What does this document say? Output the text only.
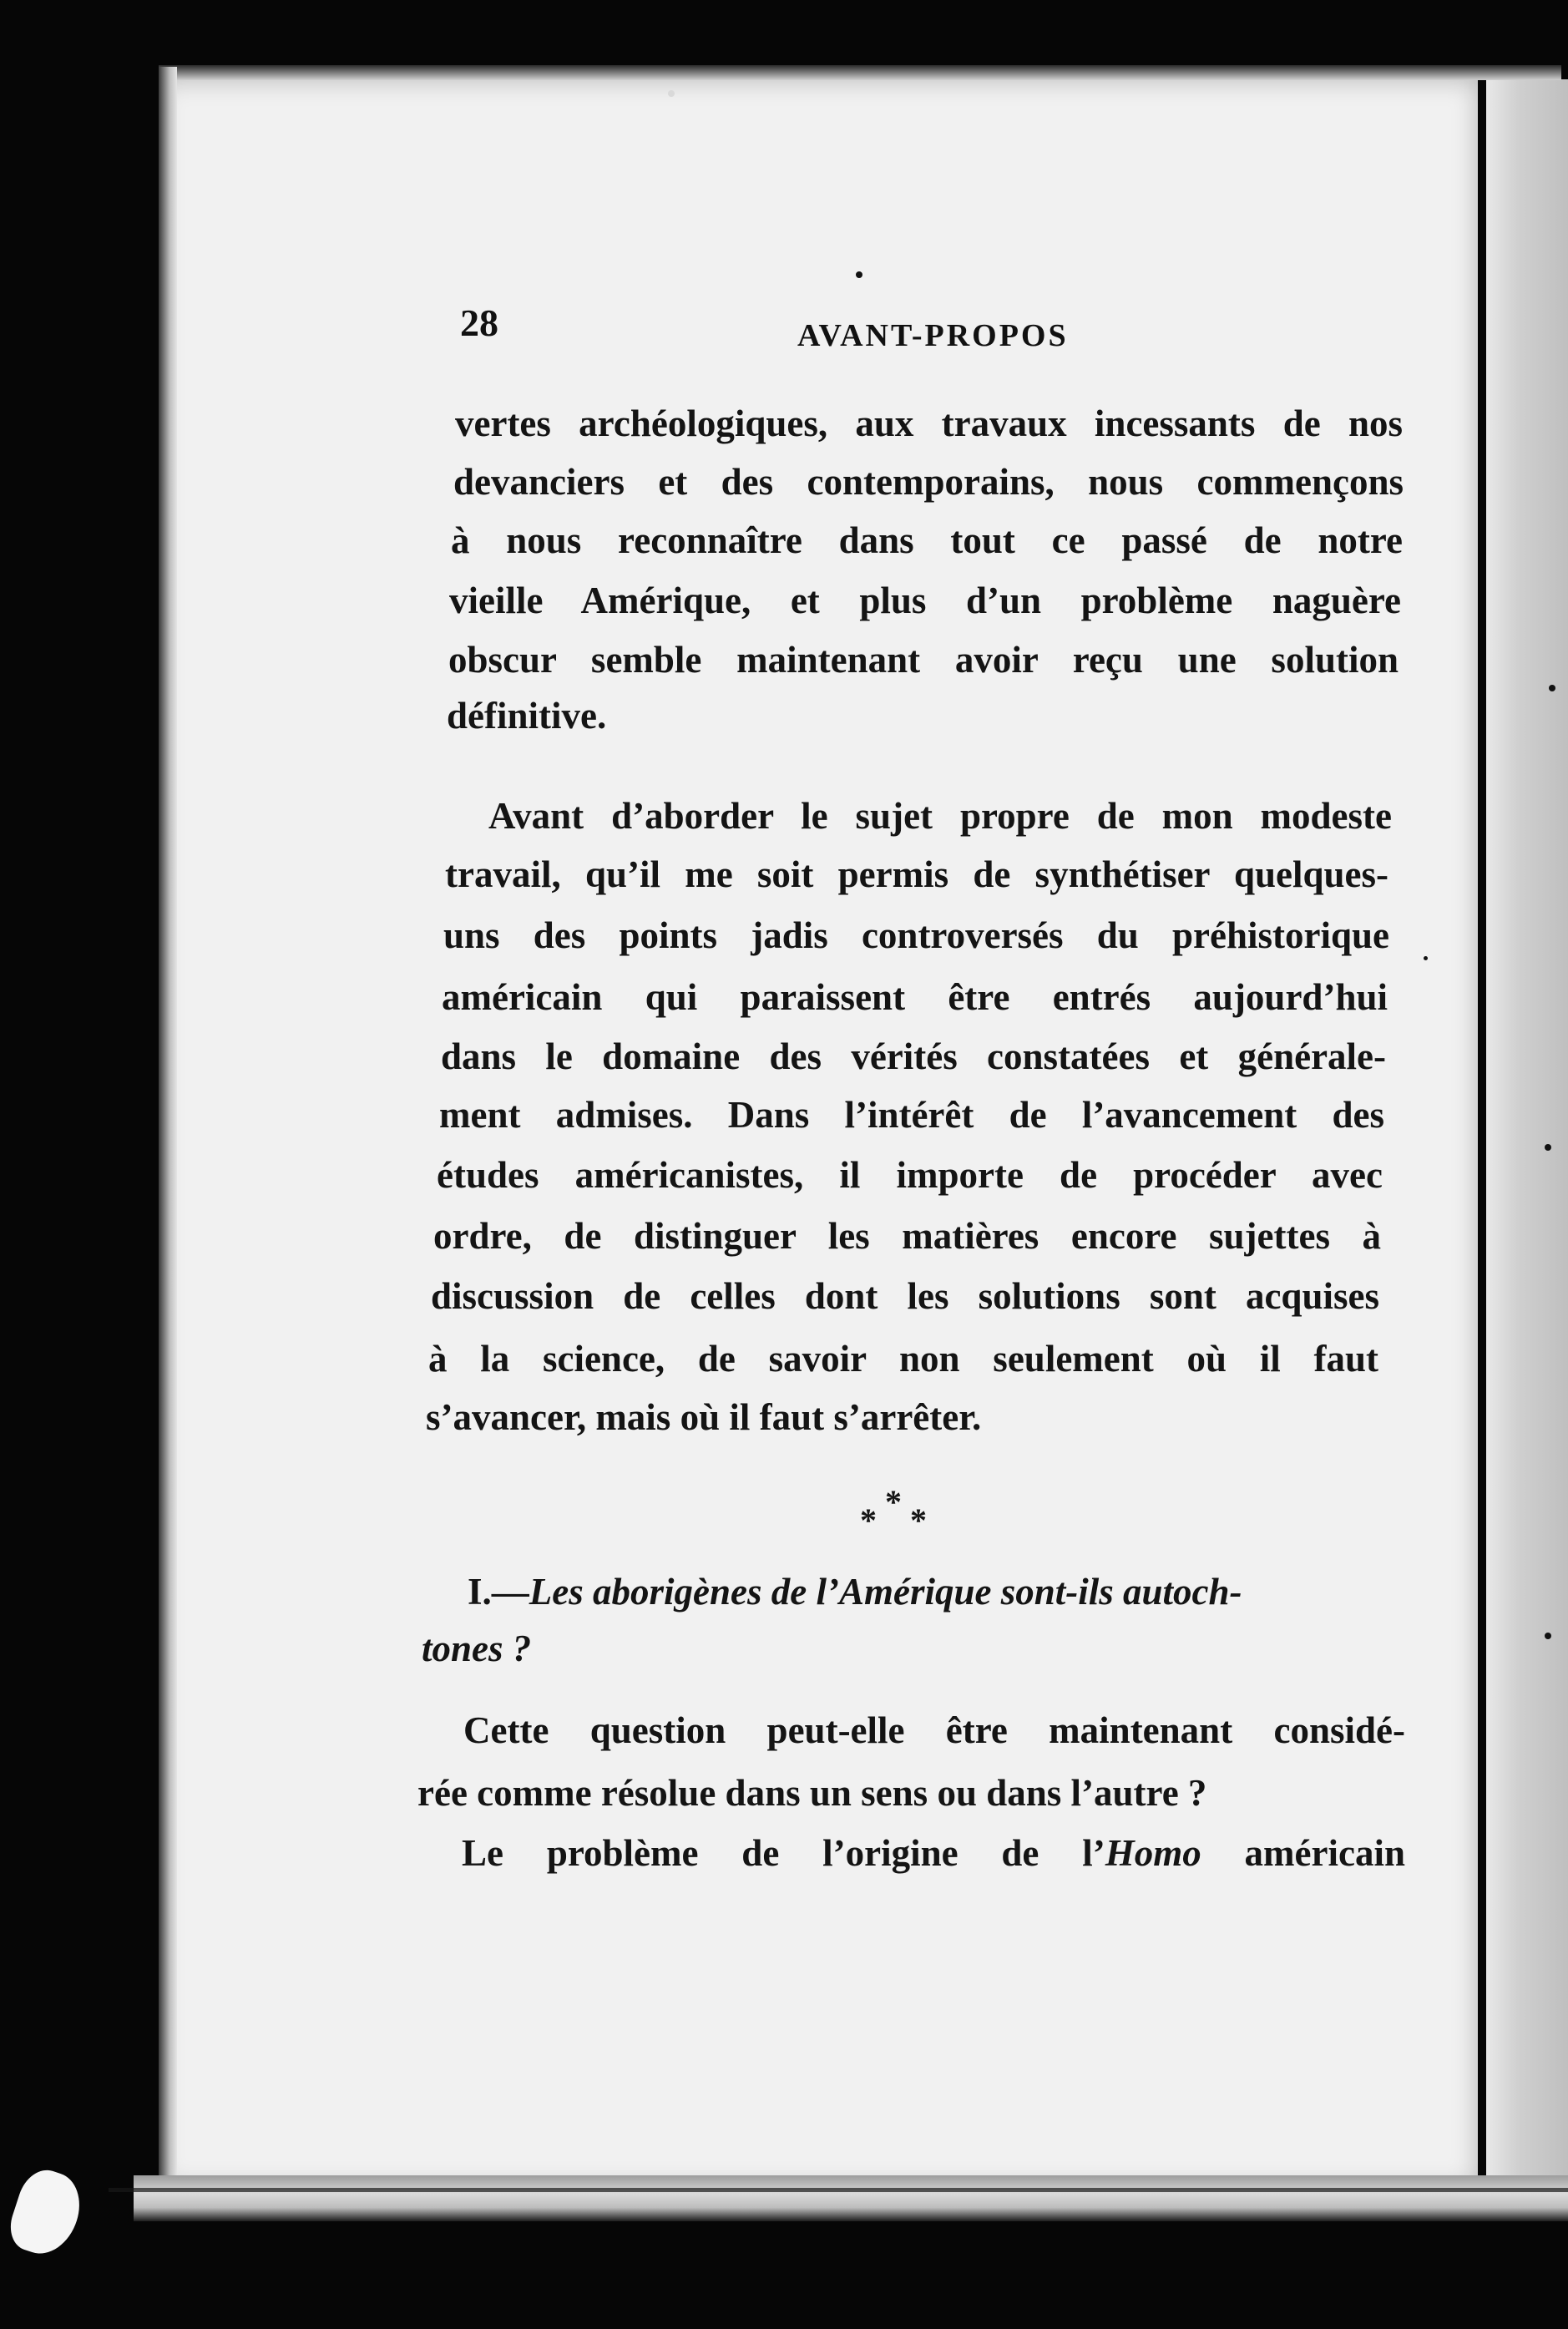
28	AVANT-PROPOS
vertes archéologiques, aux travaux incessants de nos
devanciers et des contemporains, nous commençons
à nous reconnaître dans tout ce passé de notre
vieille Amérique, et plus d’un problème naguère
obscur semble maintenant avoir reçu une solution
définitive.
Avant d’aborder le sujet propre de mon modeste
travail, qu’il me soit permis de synthétiser quelques-
uns des points jadis controversés du préhistorique
américain qui paraissent être entrés aujourd’hui
dans le domaine des vérités constatées et générale-
ment admises. Dans l’intérêt de l’avancement des
études américanistes, il importe de procéder avec
ordre, de distinguer les matières encore sujettes à
discussion de celles dont les solutions sont acquises
à la science, de savoir non seulement où il faut
s’avancer, mais où il faut s’arrêter.
*
* *
I.—Les aborigènes de l’Amérique sont-ils autoch-
tones ?
Cette question peut-elle être maintenant considé-
rée comme résolue dans un sens ou dans l’autre ?
Le problème de l’origine de l’Homo américain
